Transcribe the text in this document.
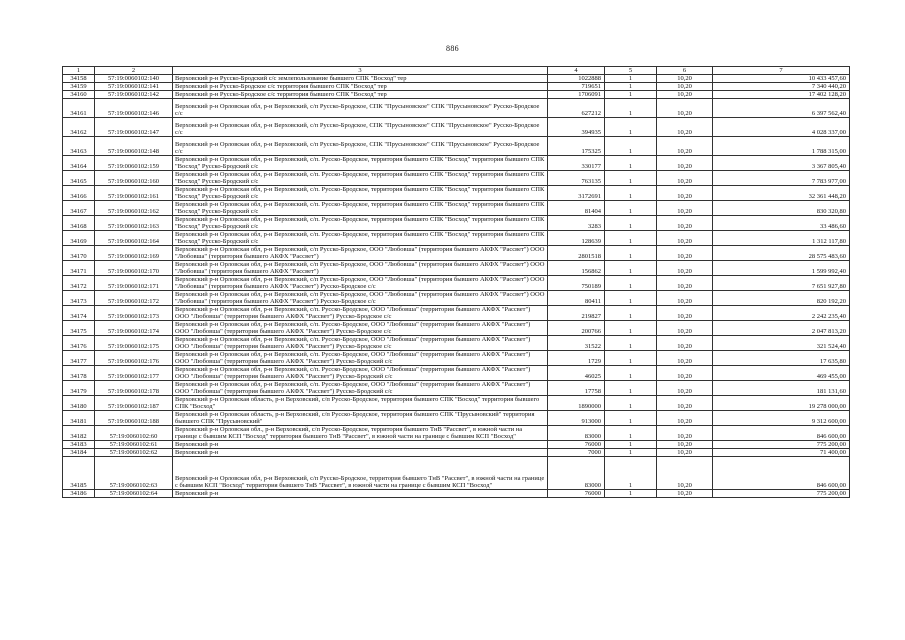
886
1	2	3	4	5	6	7
34158	57:19:0060102:140	Верховский р-н Русско-Бродский с/с землепользование бывшего СПК "Восход" тер	1022888	1	10,20	10 433 457,60
34159	57:19:0060102:141	Верховский р-н Русско-Бродское с/с территория бывшего СПК "Восход" тер	719651	1	10,20	7 340 440,20
34160	57:19:0060102:142	Верховский р-н Русско-Бродское с/с территория бывшего СПК "Восход" тер	1706091	1	10,20	17 402 128,20
34161	57:19:0060102:146	Верховский р-н Орловская обл, р-н Верховский, с/п Русско-Бродское, СПК "Прусыновское" СПК "Прусыновское" Русско-Бродское с/с	627212	1	10,20	6 397 562,40
34162	57:19:0060102:147	Верховский р-н Орловская обл, р-н Верховский, с/п Русско-Бродское, СПК "Прусыновское" СПК "Прусыновское" Русско-Бродское с/с	394935	1	10,20	4 028 337,00
34163	57:19:0060102:148	Верховский р-н Орловская обл, р-н Верховский, с/п Русско-Бродское, СПК "Прусыновское" СПК "Прусыновское" Русско-Бродское с/с	175325	1	10,20	1 788 315,00
34164	57:19:0060102:159	Верховский р-н Орловская обл, р-н Верховский, с/п. Русско-Бродское, территория бывшего СПК "Восход" территория бывшего СПК "Восход" Русско-Бродский с/с	330177	1	10,20	3 367 805,40
34165	57:19:0060102:160	Верховский р-н Орловская обл, р-н Верховский, с/п. Русско-Бродское, территория бывшего СПК "Восход" территория бывшего СПК "Восход" Русско-Бродский с/с	763135	1	10,20	7 783 977,00
34166	57:19:0060102:161	Верховский р-н Орловская обл, р-н Верховский, с/п. Русско-Бродское, территория бывшего СПК "Восход" территория бывшего СПК "Восход" Русско-Бродский с/с	3172691	1	10,20	32 361 448,20
34167	57:19:0060102:162	Верховский р-н Орловская обл, р-н Верховский, с/п. Русско-Бродское, территория бывшего СПК "Восход" территория бывшего СПК "Восход" Русско-Бродский с/с	81404	1	10,20	830 320,80
34168	57:19:0060102:163	Верховский р-н Орловская обл, р-н Верховский, с/п. Русско-Бродское, территория бывшего СПК "Восход" территория бывшего СПК "Восход" Русско-Бродский с/с	3283	1	10,20	33 486,60
34169	57:19:0060102:164	Верховский р-н Орловская обл, р-н Верховский, с/п. Русско-Бродское, территория бывшего СПК "Восход" территория бывшего СПК "Восход" Русско-Бродский с/с	128639	1	10,20	1 312 117,80
34170	57:19:0060102:169	Верховский р-н Орловская обл, р-н Верховский, с/п Русско-Бродское, ООО "Любовша" (территория бывшего АКФХ "Рассвет") ООО "Любовша" (территория бывшего АКФХ "Рассвет")	2801518	1	10,20	28 575 483,60
34171	57:19:0060102:170	Верховский р-н Орловская обл, р-н Верховский, с/п Русско-Бродское, ООО "Любовша" (территория бывшего АКФХ "Рассвет") ООО "Любовша" (территория бывшего АКФХ "Рассвет")	156862	1	10,20	1 599 992,40
34172	57:19:0060102:171	Верховский р-н Орловская обл, р-н Верховский, с/п Русско-Бродское, ООО "Любовша" (территория бывшего АКФХ "Рассвет") ООО "Любовша" (территория бывшего АКФХ "Рассвет") Русско-Бродское с/с	750189	1	10,20	7 651 927,80
34173	57:19:0060102:172	Верховский р-н Орловская обл, р-н Верховский, с/п Русско-Бродское, ООО "Любовша" (территория бывшего АКФХ "Рассвет") ООО "Любовша" (территория бывшего АКФХ "Рассвет") Русско-Бродское с/с	80411	1	10,20	820 192,20
34174	57:19:0060102:173	Верховский р-н Орловская обл, р-н Верховский, с/п. Русско-Бродское, ООО "Любовша" (территория бывшего АКФХ "Рассвет") ООО "Любовша" (территория бывшего АКФХ "Рассвет") Русско-Бродское с/с	219827	1	10,20	2 242 235,40
34175	57:19:0060102:174	Верховский р-н Орловская обл, р-н Верховский, с/п. Русско-Бродское, ООО "Любовша" (территория бывшего АКФХ "Рассвет") ООО "Любовша" (территория бывшего АКФХ "Рассвет") Русско-Бродское с/с	200766	1	10,20	2 047 813,20
34176	57:19:0060102:175	Верховский р-н Орловская обл, р-н Верховский, с/п. Русско-Бродское, ООО "Любовша" (территория бывшего АКФХ "Рассвет") ООО "Любовша" (территория бывшего АКФХ "Рассвет") Русско-Бродское с/с	31522	1	10,20	321 524,40
34177	57:19:0060102:176	Верховский р-н Орловская обл, р-н Верховский, с/п. Русско-Бродское, ООО "Любовша" (территория бывшего АКФХ "Рассвет") ООО "Любовша" (территория бывшего АКФХ "Рассвет") Русско-Бродский с/с	1729	1	10,20	17 635,80
34178	57:19:0060102:177	Верховский р-н Орловская обл, р-н Верховский, с/п. Русско-Бродское, ООО "Любовша" (территория бывшего АКФХ "Рассвет") ООО "Любовша" (территория бывшего АКФХ "Рассвет") Русско-Бродский с/с	46025	1	10,20	469 455,00
34179	57:19:0060102:178	Верховский р-н Орловская обл, р-н Верховский, с/п. Русско-Бродское, ООО "Любовша" (территория бывшего АКФХ "Рассвет") ООО "Любовша" (территория бывшего АКФХ "Рассвет") Русско-Бродский с/с	17758	1	10,20	181 131,60
34180	57:19:0060102:187	Верховский р-н Орловская область, р-н Верховский, с/п Русско-Бродское, территория бывшего СПК "Восход" территория бывшего СПК "Восход"	1890000	1	10,20	19 278 000,00
34181	57:19:0060102:188	Верховский р-н Орловская область, р-н Верховский, с/п Русско-Бродское, территория бывшего СПК "Прусыновский" территория бывшего СПК "Прусыновский"	913000	1	10,20	9 312 600,00
34182	57:19:0060102:60	Верховский р-н Орловская обл., р-н Верховский, с/п Русско-Бродское, территория бывшего ТнВ "Рассвет", в южной части на границе с бывшим КСП "Восход" территория бывшего ТнВ "Рассвет", в южной части на границе с бывшим КСП "Восход"	83000	1	10,20	846 600,00
34183	57:19:0060102:61	Верховский р-н	76000	1	10,20	775 200,00
34184	57:19:0060102:62	Верховский р-н	7000	1	10,20	71 400,00
34185	57:19:0060102:63	Верховский р-н Орловская обл, р-н Верховский, с/п Русско-Бродское, территория бывшего ТнВ "Рассвет", в южной части на границе с бывшим КСП "Восход" территория бывшего ТнВ "Рассвет", в южной части на границе с бывшим КСП "Восход"	83000	1	10,20	846 600,00
34186	57:19:0060102:64	Верховский р-н	76000	1	10,20	775 200,00
